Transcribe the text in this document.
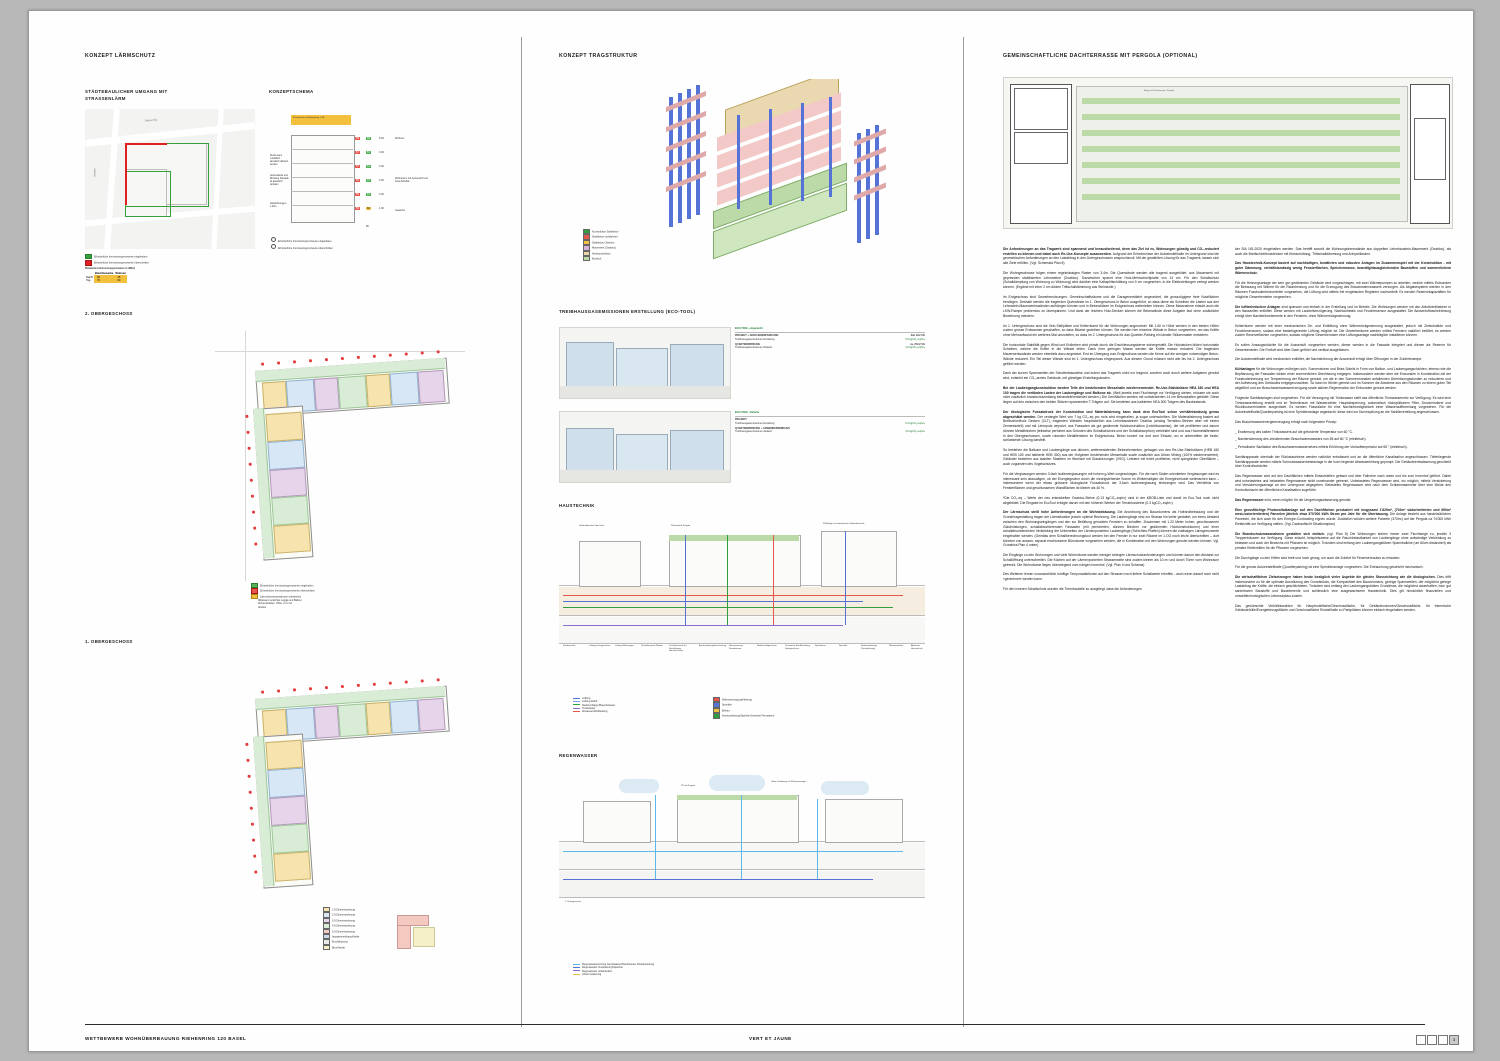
KONZEPT LÄRMSCHUTZ
STÄDTEBAULICHER UMGANG MIT STRASSENLÄRM
KONZEPTSCHEMA
Riehenring
Strasse
Erforderliche Immissionsgrenzwerte eingehalten
Erforderliche Immissionsgrenzwerte überschritten
Planwerte Immissionsgrenzwerte in dB(A)
	Büro/Gewerbe	Wohnen
Nacht	60	45
Tag	70	60
Erforderliche Falldämpfung 7 dB
Decke kann zusätzlich akustisch aktiviert werden
Seitenwände und Brüstung Fassade ist akustisch wirksam
Glasbrüstungen 1.20m
58
57
57
56
56
55
59
57
57
57
57
60
6.00
3.00
3.00
3.00
3.00
1.00
Wohnen
Wohnraum mit Aussenluft von zwei Aktivität
Gewerbe
80
Erforderliche Immissionsgrenzwerte eingehalten
Erforderliche Immissionsgrenzwerte überschritten
2. OBERGESCHOSS
Erforderliche Immissionsgrenzwerte eingehalten
Erforderliche Immissionsgrenzwerte überschritten
Lärmschutzmassnahmen erforderlich
Mittelwert verdichtet Loggia und Balkon
Alchemistisdec. Höhe +1.0 m2
Akustis
1. OBERGESCHOSS
1.5-Zimmerwohnung
2.5-Zimmerwohnung
3.5-Zimmerwohnung
4.5-Zimmerwohnung
5.5-Zimmerwohnung
Appartementhaus/Atelier
Erschliessung
Büro/Atelier
KONZEPT TRAGSTRUKTUR
Konstruktion Stahlbeton
Stahlbeton vorfabriziert
Stahlbeton Ortbeton
Mauerwerk (Oxabloc)
Holzkonstruktion
Erdreich
TREIBHAUSGASEMISSIONEN ERSTELLUNG (ECO-TOOL)
ECO-TOOL, eingereicht
PROJEKT + AKRO-INSERFARIKUNG	Ziel 19.2 UG
Treibhausgasemissionen Erstellung	6.0 kgCO₂-eq/m²ₐ
QUARTIERWIRKUNG	ca. 272.2 UG
Treibhausgasemissionen Zielwert	4.0 kgCO₂-eq/m²ₐ
ECO-TOOL, Variante
PROJEKT
Treibhausgasemissionen Erstellung	6.4 kgCO₂-eq/m²ₐ
QUARTIERWIRKUNG + ANWENDERWIRKUNG
Treibhausgasemissionen Zielwert	3.9 kgCO₂-eq/m²ₐ
HAUSTECHNIK
Kernbereiche	Lüftung Untergeschoss Lüftung Wohnungen	Technikzentrale Wärme	Technikzentrale für Verteilleitung Hausanschluss
Ausstossleitung/Versickerung Überspannung Grundwasser
Niederschlagswasser	Technische Ein-/Ausleitung Untergeschoss
Spritzbeton	Sprinkler	Erdwärmebeitrag (Zentralleitung)
Wärmeverteiler	Abwasser Haustechnik
Gebäudetechnik über Dach	Photovoltaik Pergola
PV-Anlage auf zentralisierte Gebäudetechnik
Lüftung
Lüftung Abluft
Niederschlags-/Brauchwasser
Trinkwasser
Abwasser/Abluftleitung
Wärmeerzeugung/Heizung
Sprinkler
Elektro
Ausstossleitung/Sprinkler/Gewerbe Fernwärme
REGENWASSER
PV mit Pergola
Urban Gardening mit Pflanzenreinigen
1. Untergeschoss
Regenwassernutzung Grundwasser/Dachwasser Direkteinleitung
Regenwasser Versickerung/Speicher
Regenwasser unbehandelt
Urban Gardening
GEMEINSCHAFTLICHE DACHTERRASSE MIT PERGOLA (OPTIONAL)
Etage mit Dachterrasse, Pergola
Die Anforderungen an das Tragwerk sind spannend und herausfordernd, denn das Ziel ist es, Wohnungen günstig und CO₂-reduziert erstellen zu können und dabei auch Re-Use-Konzepte auszuwerden. Aufgrund der Erfordernisse der Autoeinstellhalle im Untergrund sind die geometrischen Anforderungen an den Lastabtrag in den Untergeschossen anspruchsvoll. Mit der gewählten Lösung für das Tragwerk, lassen sich alle Ziele erfüllen. (Vgl. Schemata Plan 8)
Die Wohngeschosse folgen einem regelmässigen Raster von 3.4m. Die Querwände werden alle tragend ausgebildet, aus Mauerwerk mit gepressten stabilisierten Lehmsteine (Oxabloc). Dazwischen spannt eine Holz-Mehrschichtplatte von 14 cm. Für den Schallschutz (Schalldämpfung von Wohnung zu Wohnung) wird darüber eine Kalksplittschüttung von 9 cm vorgesehen, in die Elektroleitungen verlegt werden können. (Ergänzt mit einer 2 cm dicken Trittschalldämmung aus Steinwolle.)
Im Erdgeschoss sind Gewerbenutzungen, Gemeinschaftsräume und die Garagenerstfahrt angeordnet, die grosszügigere freie Nutzflächen benötigen. Deshalb werden die tragenden Querwände im 1. Obergeschoss in Beton ausgeführt, so dass diese als Scheiben die Lasten aus den Lehmstein-Mauerwerkswänden aufhängen können und in Betonstützen im Erdgeschoss weiterleiten können. Diese Massnahme erlaubt auch die LKW-Rampe problemlos zu überspannen. Und dank der leichten Holz-Decken können die Betonwände diese Aufgabe fast ohne zusätzliche Bewehrung meistern.
Im 1. Untergeschoss sind die Velo-Stellplätze und Kellerräume für die Wohnungen angeordnet. Mit 1.60 m Höhe werden in den beiden Höfen zudem grosse Erdwannen geschaffen, so dass Bäume gedeihen können. Sie werden hier einzelne Wände in Beton vorgesehen, um das Kräfte ohne Mehraufwand ein weiteres Mal umzuleiten, so dass im 2. Untergeschoss für das Quartier-Parking ein idealer Stützenraster entstehen.
Die horizontale Stabilität gegen Wind und Erdbeben wird primär durch die Erschliessungskerne sichergestellt. Die Holzdecken bilden horizontale Scheiben, welche die Kräfte in die Wände leiten. Dank ihrer geringen Masse werden die Kräfte massiv reduziert. Die tragenden Mauerwerkswände werden ebenfalls dazu angesetzt. Erst im Übergang zum Erdgeschoss werden die Kerne auf die wenigen notwendigen Beton-Wände reduziert. Ein Teil dieser Wände sind im 1. Untergeschoss eingespannt. Aus diesem Grund müssen nicht alle bis ins 2. Untergeschoss geführt werden.
Dank der kurzen Spannweiten der Schottenbauweise und indem das Tragwerk nicht nur tragend, sondern auch durch weitere Aufgaben genutzt wird, entsteht ein CO₂-armes Gebäude, mit günstigen Erstellungskosten.
Bei der Laubengangkonstruktion werden Teile der bestehenden Messehalle wiederverwendet. Re-Use-Stahlstützen HEA 160 und HEA 100 tragen die vertikalen Lasten der Laubengänge und Balkone ab. (Weil jeweils zwei Fluchtwege zur Verfügung stehen, müssen sie auch nicht zusätzlich brandschutzmässig behandelt/verkleidet werden.) Die Geniflächen werden mit vorfabrizierten 14 cm Betonplatten gebildet. Diese liegen auf den zwischen den beiden Stützen spannenden T-Trägern auf. Sie bestehen aus halbierten HEA 300 Trägern des Baubestands.
Der ökologische Fussabdruck der Konstruktion und Materialisierung kann dank dem EcoTool schon verhältnismässig genau abgeschätzt werden. Der verlangte Wert von 7 kg CO₂-eq pro m²/a wird eingehalten, ja sogar unterschritten. Die Materialisierung basiert auf Brettschichtholz Decken (CLT), tragenden Wänden hauptsächlich aus Lehmbausteinen Oxabloc (analog Terrabloc-Steinen aber mit einem Zementanteil) und mit Lehmputz verputzt, aus Fassaden als gut gedämmte Holzkonstruktion (Leichtbauweise), die mit profilierten und darum dünnen Metallblechen (teilweise perforiert aus Gründen des Schallschutzes und der Schallabsorption) verkleidet sind und aus Holzmetallfenstern in den Obergeschossen, sowie robusten Metallfenstern im Erdgeschoss. Beton kommt nur dort zum Einsatz, wo er unbestritten die beste, schlankeste Lösung darstellt.
So bestehen die Balkone und Laubengänge aus dünnen, wetterresistenten Betonelementen, getragen von den Re-Use-Stahlstützen (HEB 180 und HEB 100 und halbierte HEB 300) aus der Hofgeben bestehender Messehalle sowie zusätzlich aus Urban Mining (100% wiederverwertet). Geländer bestehen aus stabilen Staketen im Wechsel mit Glaskürzungen (VSG). Letztere mit leicht profilierter, nicht spiegelnder Oberfläche – auch zugunsten des Vogelschutzes.
Für die Verglasungen werden 3-fach Isolierverglasungen mit hohem g-Wert vorgeschlagen. Für die nach Süden orientierten Verglasungen wird es interessant sein abzuwägen, ob der Energiegewinn durch die niedrigstehende Sonne im Winterhalbjahr die Energieverluste wettmachen kann – insbesondere wenn der etwas grössere ökologische Fussabdruck der 3-fach Isolierverglasung einbezogen wird. Das Verhältnis von Fensterflächen und geschlossenen Wandflächen ist kleiner als 40 %.
*Die CO₂-eq – Werte der neu entwickelten Oxabloc-Steine (0.13 kgCO₂-eq/m²) sind in der KBOB-Liste und damit im Eco-Tool noch nicht abgebildet. Die Eingabe im EcoTool erfolgte darum mit den höheren Werten der Terrablocsteine (0.3 kgCO₂-eq/m²).
Der Lärmschutz stellt hohe Anforderungen an die Wohnbebauung. Die Anordnung des Bauvolumens als Hofrandbebauung und die Grundrissgestaltung tragen der Lärmsituation jedoch optimal Rechnung. Die Laubengänge sind zur Strasse hin keller gestaltet, um einen Abstand zwischen den Wohnungseingängen und den zur Belüftung genutzten Fenstern zu schaffen. Zusammen mit 1.20 Meter hohen, geschlossenen Glasbrüstungen, schallabsorbierenden Fassaden (mit perforierten, dünnen Blechen vor gedämmten Holzkonstruktionen) und einer schallabsorbierenden Verkleidung der Unterseiten der Lärmexponierten Laubengänge (Schichtes-Platten) können die zulässigen Lärmgrenzwerte eingehalten werden. (Gemäss dem Schallberechnungstool werden bei den Fenster in nur zwei Räume im 1.OG noch leicht überschritten – dort könnten von aussen, separat erschlossene Büroräume vorgesehen werden, die in Kombination mit den Wohnungen genutzt werden können. Vgl. Grundriss Plan 4 unten)
Die Eingänge zu den Wohnungen und viele Wohnräume werden weniger strengen Lärmschutzanforderungen und können darum den Abstand zur Schallöffnung unterschreiten. Die Küchen auf der Lärmexponierten Strassenseite sind zudem kleiner als 10 m² und durch Türen vom Wohnraum getrennt. Die Wohnräume liegen überwiegend zum ruhigen Innenhof. (Vgl. Plan 4 und Schema)
Des Weiteren lernen voraussichtlich künftige Temporadaktionen auf den Strassen noch tiefere Schallwerte erhoffen - auch wenn darauf noch nicht «gerechnet» werden kann.
Für den inneren Schallschutz wurden die Trennbauteile so ausgelegt, dass die Anforderungen
der SIA 181:2020 eingehalten werden. Das betrifft sowohl die Wohnungstrennwände aus doppelten Lehmbaustein-Mauerwerk (Oxabloc), als auch die Brettschichtholzdecken mit Kiesschüttung, Trittschalldämmung und Anhydritboden.
Das Haustechnik-Konzept basiert auf nachhaltigen, bewährten und robusten Anlagen im Zusammenspiel mit der Konstruktion - mit guter Dämmung, verhältnismässig wenig Fensterflächen, Speichermasse, brandtightausgleichenden Baustoffen und sommerlichem Wärmeschutz.
Für die Heizungsanlage der sehr gut gedämmten Gebäude wird vorgeschlagen, mit zwei Wärmepumpen zu arbeiten, welche mittels Erdsonden die Bebauung mit Wärme für die Raumheizung und für die Erzeugung des Brauchwarmwassers versorgen. Als Abgabesystem werden in den Räumen Fussbodenheizverteiler vorgesehen, die Lüftung wird mittels frei eingebauten Registern nachverteilt. Es werden Reservekapazitäten für mögliche Gewerbemieter vorgesehen.
Die lufttechnischen Anlagen sind sparsam und einfach in der Erstellung und im Betrieb. Die Wohnungen werden mit den Abluftventilatoren in den Nasszellen entlüftet. Diese werden mit Laufzeitverzögerung, Nachlaufrelais und Feuchtesensor ausgestattet. Die Aussenluftnachströmung erfolgt über Nachströmelemente in den Fenstern, ohne Wärmerückgewinnung.
Kellerräume werden mit einer mechanischen De- und Entlüftung ohne Wärmerückgewinnung ausgestattet, jedoch mit Zeitschaltuhr und Feuchtesensoren, sodass eine bedarfsgerechte Lüftung möglich ist. Die Gewerberäume werden mittels Fenstern natürlich belüftet, es werden zudem Reserveflächen vorgesehen, sodass mögliche Gewerbenutzer eine Lüftungsanlage nachträglich installieren können.
Es sollen Ansaugschächte für die Aussenluft vorgesehen werden, dieser werden in die Fassade integriert und dienen als Reserve für Gewerbemieter. Die Fortluft wird über Dach geführt und vertikal ausgeblasen.
Die Autoeinstellhalle wird mechanisch entlüftet, die Nachströmung der Aussenluft erfolgt über Öffnungen in der Zufahrtsrampe.
Kühlanlagen für die Wohnungen erübrigen sich. Sonnenstoren und Brise-Soleils in Form von Balkon- und Laubengangschichten, ebenso wie die Bepflanzung der Fassaden wirken einer sommerlichen Überhitzung entgegen. Insbesondere werden aber die Erdsonden in Kombination mit der Fussbodenheizung zur Temperierung der Räume genutzt, um die in den Sommermonaten anfallenden Überhitzungsstunden zu reduzieren und der Aufheizung des Gebäudes entgegenzuwirken. So kann im Winter geheizt und im Sommer die Abwärme aus den Räumen zu einem guten Teil abgeführt und zur Brauchwarmwassererzeugung sowie aktiven Regeneration der Erdsonden genutzt werden.
Folgende Sanitäranlagen sind vorgesehen. Für die Versorgung mit Trinkwasser stellt das öffentliche Trinkwassernetz zur Verfügung. Es wird eine Trinkwasserleitung erstellt und im Technikraum mit Wasserzähler, Hauptabsperrung, automatisch rückspülbarem Filter, Druckminderer und Rückflussverhinderer ausgerüstet. Es werden Fassstücke für eine Nachtrinkmöglichkeit einer Wasserauffbereitung vorgesehen. Für die Autoeinstellhalle/Quartierparking ist eine Sprinkleranlage angedacht, diese wird zur Durchspülung an die Sanitärverteilung angeschlossen.
Das Brauchwasserenergieerzeugung erfolgt nach folgendem Prinzip:
_ Erwärmung des kalten Trinkwassers auf die geforderte Temperatur von 60 °C.
_ Nacherwärmung des zirkulierenden Brauchwarmwassers von 55 auf 60 °C (elektrisch).
_ Periodische Sanitation des Brauchwarmwassernetzes mittels Erhöhung der Vorlauftemperatur auf 65 ° (elektrisch).
Sanitärapparate oberhalb der Rückstauebene werden natürlich entwässert und an die öffentliche Kanalisation angeschlossen. Tieferliegende Sanitärapparate werden mittels Schmutzwasserhebeanlage in die hoch liegende Abwasserleitung gepumpt. Die Gebäudeentwässerung geschieht über Kontrollschächte.
Das Regenwasser wird auf den Dachflächen mittels Einlaufstellen gefasst und über Fallrohre nach unten und bis zum Innenhof geführt. Dabei wird unbelastetes und belastetes Regenwasser strikt voneinander getrennt. Unbelastetes Regenwasser wird, wo möglich, mittels Versickerung und Versickerungsanlage an den Untergrund abgegeben. Belastetes Regenwasser wird nach dem Schlammsammler über eine Mulde den Kontrollschacht der öffentlichen Kanalisation zugeführt.
Das Regenwasser wird, wenn möglich für die Umgebungswässerung genutzt.
Eine grossflächige Photovoltaikanlage auf den Dachflächen produziert mit insgesamt 1'829m², (702m² südorientierten und 690m² west-/ostorientierten) Paneelen jährlich etwa 370'000 kWh Strom pro Jahr für die Überbauung. Die Anlage besteht aus handelsüblichen Paneelen, die sich auch für den Energie-Contracting eignen würde. Zusätzlich würden weitere Paneele (370m²) auf der Pergola ca 74'000 kWh Elektrizität zur Verfügung stellen. (Vgl. Dachaufsicht Situationsplan)
Die Brandschutzmassnahmen gestalten sich einfach. (vgl. Plan 8) Die Wohnungen stehen immer zwei Fluchtwege zu, jeweils 3 Treppenhäusern zur Verfügung. Diese erlaubt, beispielsweise auf die Rauchbelastbarkeit von Laubengänge ohne aufwändige Verkleidung zu belassen und auch der Bewuchs mit Pflanzen ist möglich. Trotzdem sind entlang den Laubengangstützen Spannbalkine (um 60cm distanziert) als primäre Kletterhilfen für die Pflanzen vorgesehen.
Die Durchgänge zu den Höfen sind breit und hoch genug, um auch die Zufahrt für Feuerwehrautos zu erlauben.
Für die grosse Autoeinstellhalle (Quartierparking) ist eine Sprinkleranlage vorgesehen. Die Entrauchung geschieht mechanisch.
Die wirtschaftlichen Zielsetzungen haben heute bezüglich vieler Aspekte die gleiche Stossrichtung wie die ökologischen. Dies trifft insbesondere zu für die optimale Ausnützung des Grundstücks, die Kompaktheit des Bauvolumens, geringe Spannweiten, der möglichst geringe Lastabtrag der Kräfte, die einfach geschlichteten, Trotzdem sind entlang den Laubengangstützen Grundrisse, die möglichst dauerhaften, bzw. gut sanierbaren Baustoffe und Bauelemente und schliesslich eine ausgewachsene Haustechnik. Dies gilt hinsichtlich finanziellen und umwelttechnologischen Lebenszyklus-kosten.
Das gewünschte Verhältniszahlen für Hauptnutzfläche/Geschossfläche, für Gebäudevolumen/Geschossfläche, für thermische Gebäudehülle/Energiebezugsfläche und Geschossfläche Einstellhalle zu Parkplätzen können einfach eingehalten werden.
WETTBEWERB WOHNÜBERBAUUNG RIEHENRING 120 BASEL	VERT ET JAUNE	3
